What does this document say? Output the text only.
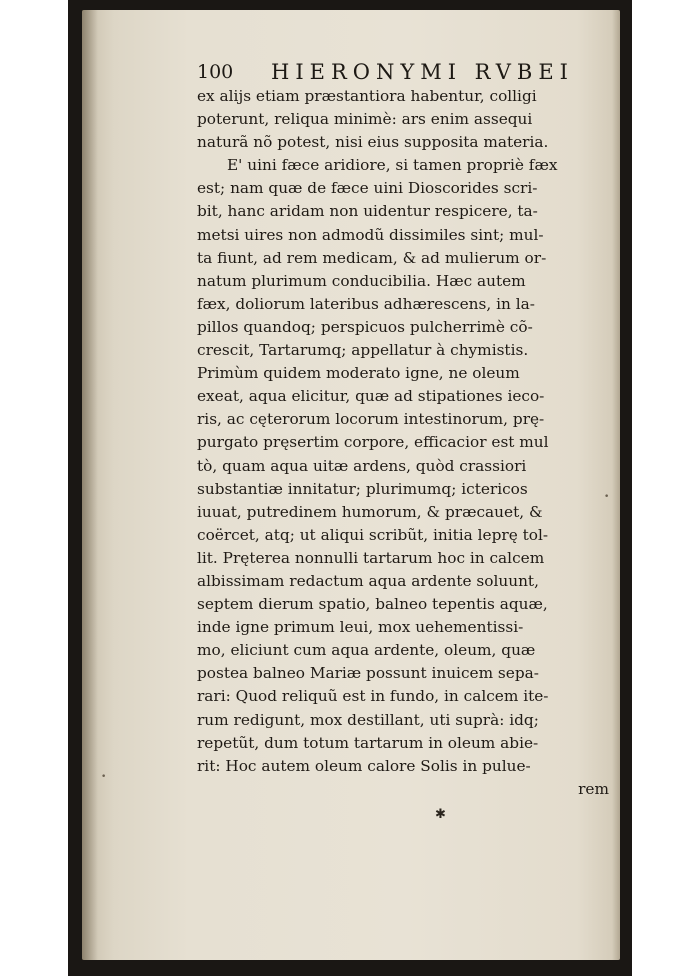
100 HIERONYMI RVBEI
ex alijs etiam præstantiora habentur, colligi
poterunt, reliqua minimè: ars enim assequi
naturã nõ potest, nisi eius supposita materia.
E' uini fæce aridiore, si tamen propriè fæx
est; nam quæ de fæce uini Dioscorides scri-
bit, hanc aridam non uidentur respicere, ta-
metsi uires non admodũ dissimiles sint; mul-
ta fiunt, ad rem medicam, & ad mulierum or-
natum plurimum conducibilia. Hæc autem
fæx, doliorum lateribus adhærescens, in la-
pillos quandoq; perspicuos pulcherrimè cõ-
crescit, Tartarumq; appellatur à chymistis.
Primùm quidem moderato igne, ne oleum
exeat, aqua elicitur, quæ ad stipationes ieco-
ris, ac cęterorum locorum intestinorum, prę-
purgato pręsertim corpore, efficacior est mul
tò, quam aqua uitæ ardens, quòd crassiori
substantiæ innitatur; plurimumq; ictericos
iuuat, putredinem humorum, & præcauet, &
coërcet, atq; ut aliqui scribũt, initia leprę tol-
lit. Pręterea nonnulli tartarum hoc in calcem
albissimam redactum aqua ardente soluunt,
septem dierum spatio, balneo tepentis aquæ,
inde igne primum leui, mox uehementissi-
mo, eliciunt cum aqua ardente, oleum, quæ
postea balneo Mariæ possunt inuicem sepa-
rari: Quod reliquũ est in fundo, in calcem ite-
rum redigunt, mox destillant, uti suprà: idq;
repetũt, dum totum tartarum in oleum abie-
rit: Hoc autem oleum calore Solis in pulue-
rem
✱
•
•
